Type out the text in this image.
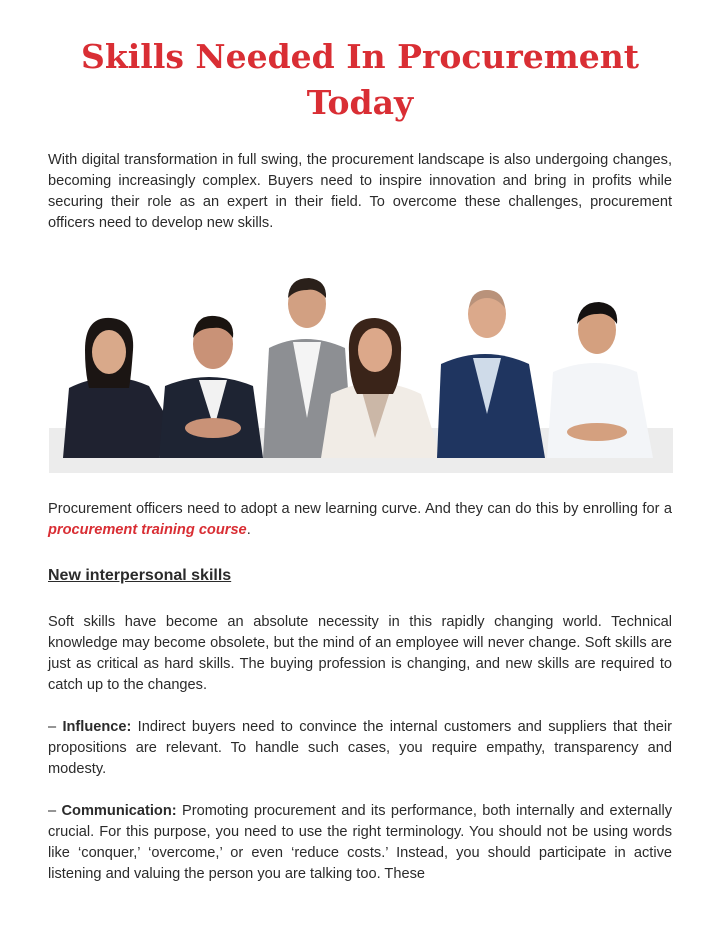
Skills Needed In Procurement Today

With digital transformation in full swing, the procurement landscape is also undergoing changes, becoming increasingly complex. Buyers need to inspire innovation and bring in profits while securing their role as an expert in their field. To overcome these challenges, procurement officers need to develop new skills.

Procurement officers need to adopt a new learning curve. And they can do this by enrolling for a procurement training course.

New interpersonal skills

Soft skills have become an absolute necessity in this rapidly changing world. Technical knowledge may become obsolete, but the mind of an employee will never change. Soft skills are just as critical as hard skills. The buying profession is changing, and new skills are required to catch up to the changes.

– Influence: Indirect buyers need to convince the internal customers and suppliers that their propositions are relevant. To handle such cases, you require empathy, transparency and modesty.

– Communication: Promoting procurement and its performance, both internally and externally crucial. For this purpose, you need to use the right terminology. You should not be using words like ‘conquer,’ ‘overcome,’ or even ‘reduce costs.’ Instead, you should participate in active listening and valuing the person you are talking too. These
